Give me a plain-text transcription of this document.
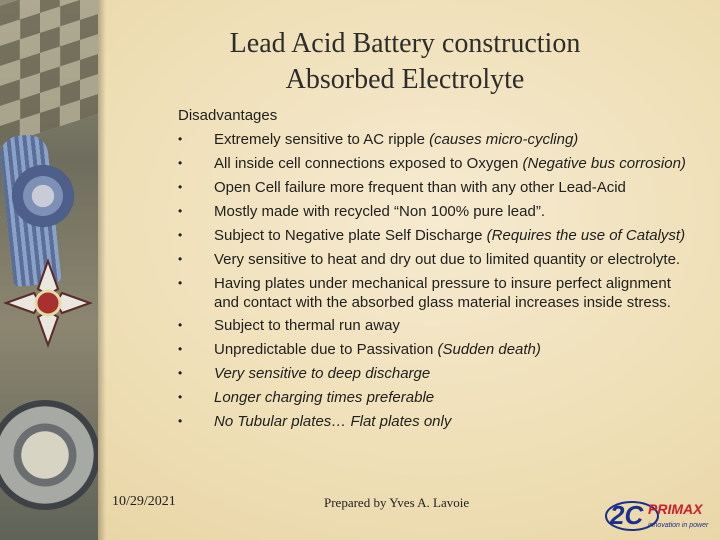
Lead Acid Battery construction
Absorbed Electrolyte
Disadvantages
•	Extremely sensitive to AC ripple (causes micro-cycling)
•	All inside cell connections exposed to Oxygen (Negative bus corrosion)
•	Open Cell failure more frequent than with any other Lead-Acid
•	Mostly made with recycled “Non 100% pure lead”.
•	Subject to Negative plate Self Discharge (Requires the use of Catalyst)
•	Very sensitive to heat and dry out due to limited quantity or electrolyte.
•	Having plates under mechanical pressure to insure perfect alignment and contact with the absorbed glass material increases inside stress.
•	Subject to thermal run away
•	Unpredictable due to Passivation (Sudden death)
•	Very sensitive to deep discharge
•	Longer charging times preferable
•	No Tubular plates… Flat plates only
10/29/2021	Prepared by Yves A. Lavoie	2C PRIMAX
innovation in power
